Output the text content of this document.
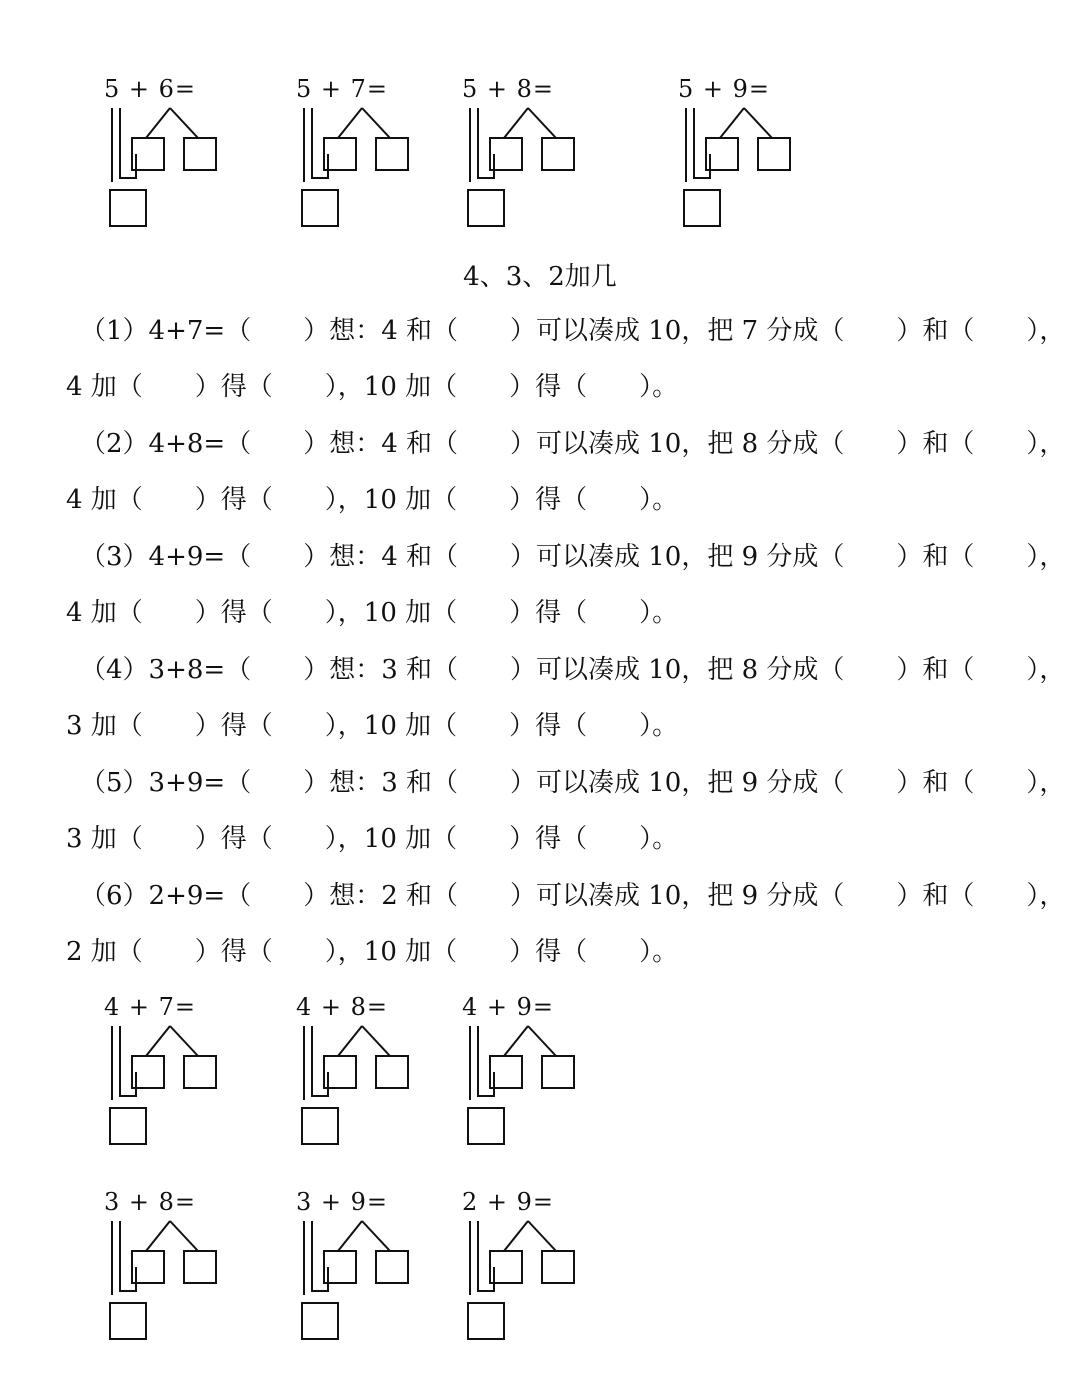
5 + 6=	5 + 7=	5 + 8=	5 + 9=
4、3、2加几
（1）4+7=（　　）想：4 和（　　）可以凑成 10，把 7 分成（　　）和（　　），
4 加（　　）得（　　），10 加（　　）得（　　）。
（2）4+8=（　　）想：4 和（　　）可以凑成 10，把 8 分成（　　）和（　　），
4 加（　　）得（　　），10 加（　　）得（　　）。
（3）4+9=（　　）想：4 和（　　）可以凑成 10，把 9 分成（　　）和（　　），
4 加（　　）得（　　），10 加（　　）得（　　）。
（4）3+8=（　　）想：3 和（　　）可以凑成 10，把 8 分成（　　）和（　　），
3 加（　　）得（　　），10 加（　　）得（　　）。
（5）3+9=（　　）想：3 和（　　）可以凑成 10，把 9 分成（　　）和（　　），
3 加（　　）得（　　），10 加（　　）得（　　）。
（6）2+9=（　　）想：2 和（　　）可以凑成 10，把 9 分成（　　）和（　　），
2 加（　　）得（　　），10 加（　　）得（　　）。
4 + 7=	4 + 8=	4 + 9=
3 + 8=	3 + 9=	2 + 9=
